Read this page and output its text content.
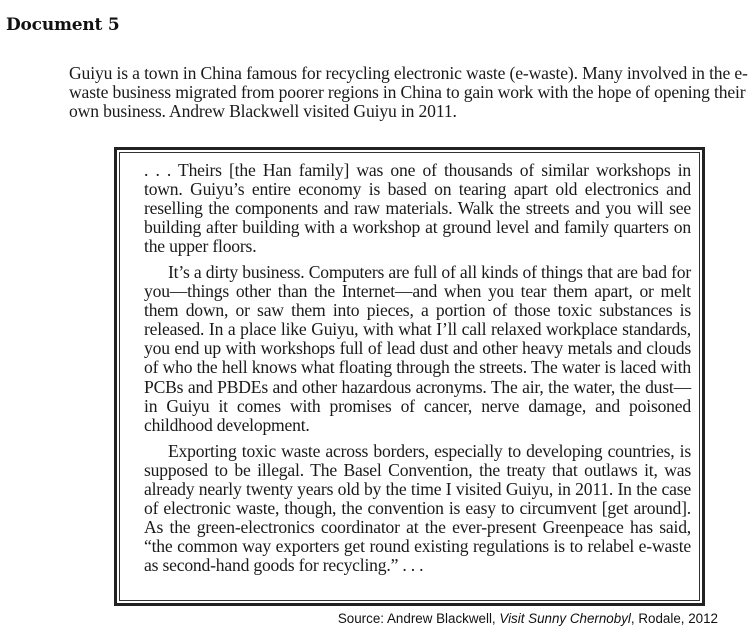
Document 5
Guiyu is a town in China famous for recycling electronic waste (e-waste). Many involved in the e-waste business migrated from poorer regions in China to gain work with the hope of opening their own business. Andrew Blackwell visited Guiyu in 2011.

. . . Theirs [the Han family] was one of thousands of similar workshops in town. Guiyu’s entire economy is based on tearing apart old electronics and reselling the components and raw materials. Walk the streets and you will see building after building with a workshop at ground level and family quarters on the upper floors.

It’s a dirty business. Computers are full of all kinds of things that are bad for you—things other than the Internet—and when you tear them apart, or melt them down, or saw them into pieces, a portion of those toxic substances is released. In a place like Guiyu, with what I’ll call relaxed workplace standards, you end up with workshops full of lead dust and other heavy metals and clouds of who the hell knows what floating through the streets. The water is laced with PCBs and PBDEs and other hazardous acronyms. The air, the water, the dust—in Guiyu it comes with promises of cancer, nerve damage, and poisoned childhood development.

Exporting toxic waste across borders, especially to developing countries, is supposed to be illegal. The Basel Convention, the treaty that outlaws it, was already nearly twenty years old by the time I visited Guiyu, in 2011. In the case of electronic waste, though, the convention is easy to circumvent [get around]. As the green-electronics coordinator at the ever-present Greenpeace has said, “the common way exporters get round existing regulations is to relabel e-waste as second-hand goods for recycling.” . . .

Source: Andrew Blackwell, Visit Sunny Chernobyl, Rodale, 2012
